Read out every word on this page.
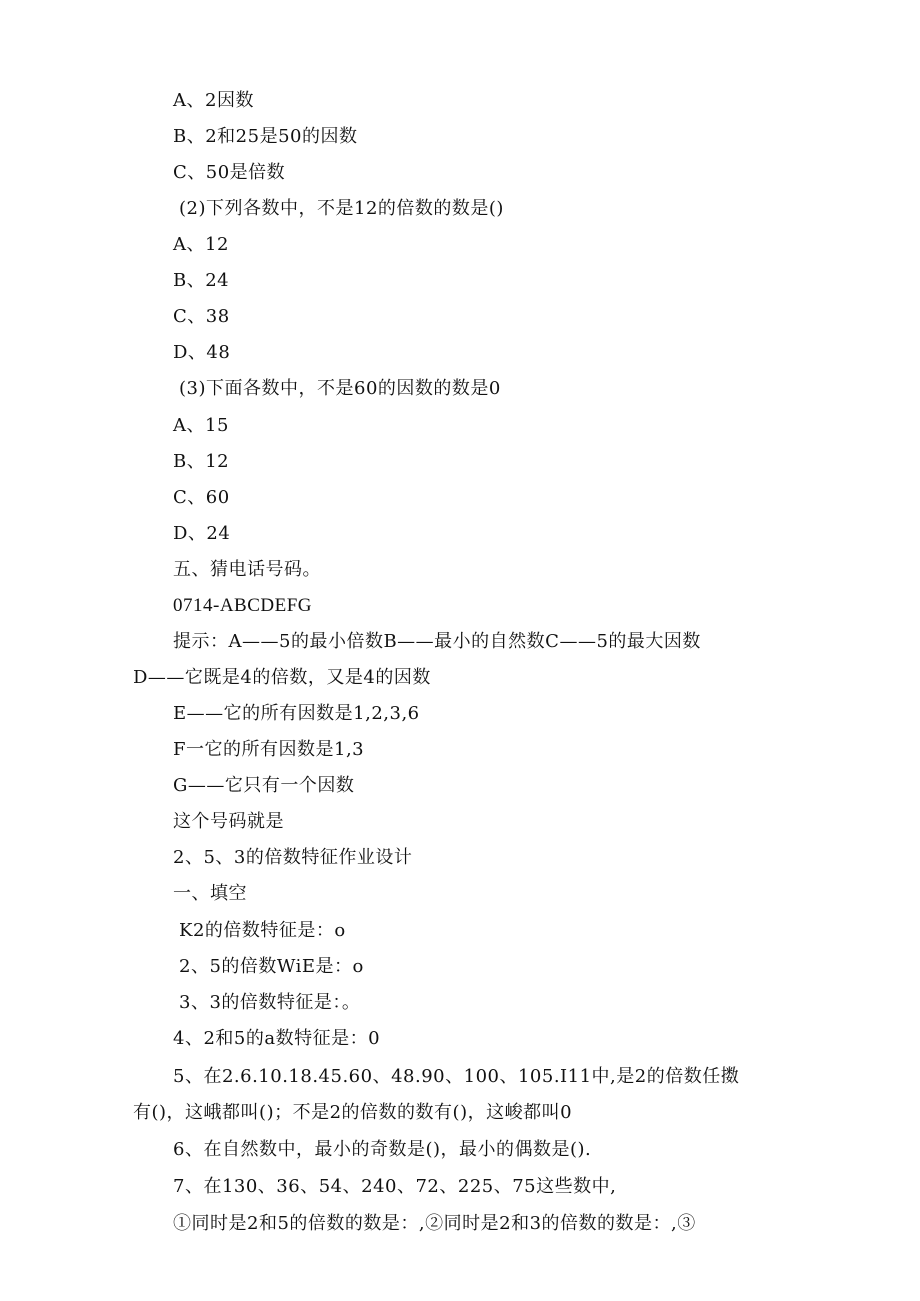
A、2因数
B、2和25是50的因数
C、50是倍数
(2)下列各数中，不是12的倍数的数是()
A、12
B、24
C、38
D、48
(3)下面各数中，不是60的因数的数是0
A、15
B、12
C、60
D、24
五、猜电话号码。
0714-ABCDEFG
提示：A——5的最小倍数B——最小的自然数C——5的最大因数
D——它既是4的倍数，又是4的因数
E——它的所有因数是1,2,3,6
F一它的所有因数是1,3
G——它只有一个因数
这个号码就是
2、5、3的倍数特征作业设计
一、填空
K2的倍数特征是：o
2、5的倍数WiE是：o
3、3的倍数特征是：。
4、2和5的a数特征是：0
5、在2.6.10.18.45.60、48.90、100、105.I11中,是2的倍数任擞
有()，这峨都叫()；不是2的倍数的数有()，这峻都叫0
6、在自然数中，最小的奇数是()，最小的偶数是().
7、在130、36、54、240、72、225、75这些数中,
①同时是2和5的倍数的数是：,②同时是2和3的倍数的数是：,③
